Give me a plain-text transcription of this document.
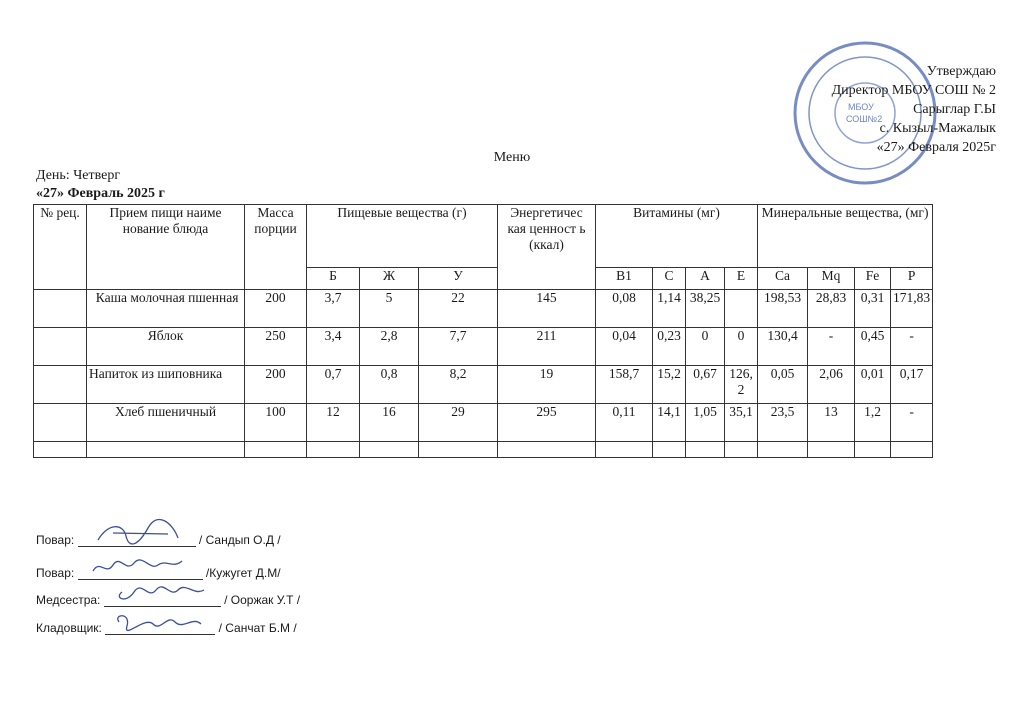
МБОУ
СОШ№2
Утверждаю
Директор МБОУ СОШ № 2
Сарыглар Г.Ы
с. Кызыл-Мажалык
«27» Февраля 2025г
Меню
День: Четверг
«27» Февраль 2025 г
№ рец.	Прием пищи наиме нование блюда	Масса порции	Пищевые вещества (г)			Энергетичес кая ценност ь (ккал)	Витамины (мг)				Минеральные вещества, (мг)			
			Б	Ж	У		B1	C	A	E	Ca	Mq	Fe	P
	Каша молочная пшенная	200	3,7	5	22	145	0,08	1,14	38,25		198,53	28,83	0,31	171,83
	Яблок	250	3,4	2,8	7,7	211	0,04	0,23	0	0	130,4	-	0,45	-
	Напиток из шиповника	200	0,7	0,8	8,2	19	158,7	15,2	0,67	126, 2	0,05	2,06	0,01	0,17
	Хлеб пшеничный	100	12	16	29	295	0,11	14,1	1,05	35,1	23,5	13	1,2	-

Повар:	/ Сандып О.Д /
Повар:	/Кужугет Д.М/
Медсестра:	/ Ооржак У.Т /
Кладовщик:	/ Санчат Б.М /
